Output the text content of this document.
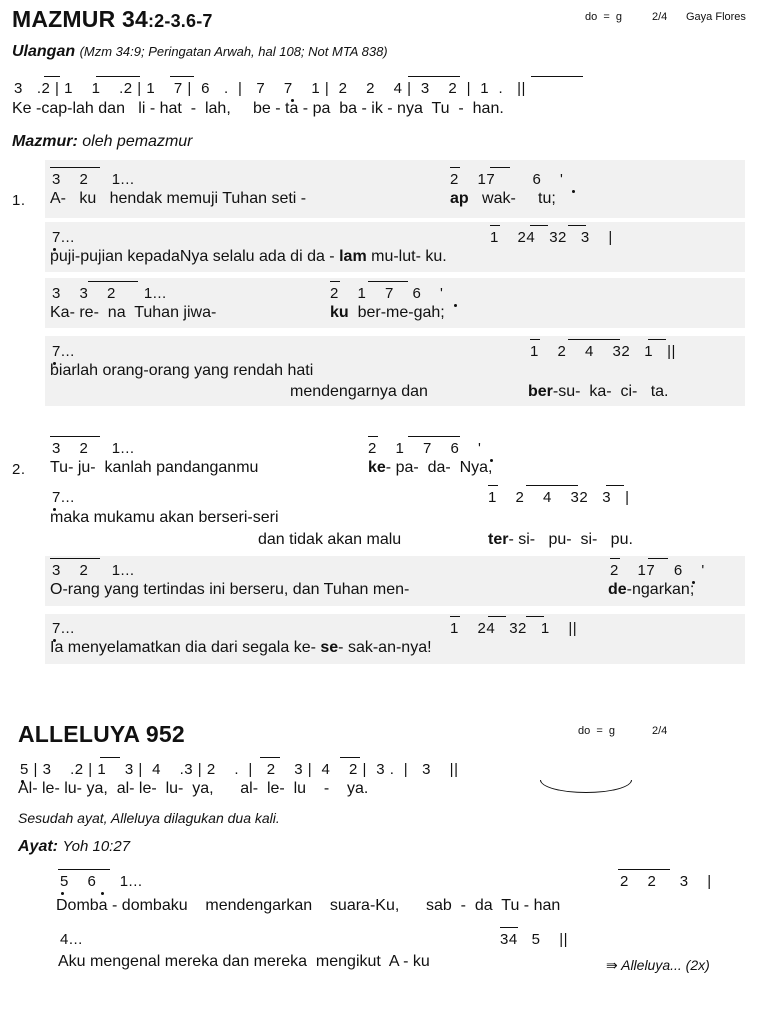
MAZMUR 34:2-3.6-7	do  =  g	2/4 Gaya Flores
Ulangan (Mzm 34:9; Peringatan Arwah, hal 108; Not MTA 838)
3   .2 | 1    1    .2 | 1    7 |  6   .  |   7    7    1 |  2    2    4 |  3    2  |  1  .   ||
Ke -cap-lah dan   li - hat  -  lah,     be - ta - pa  ba - ik - nya  Tu  -  han.
Mazmur: oleh pemazmur
3    2     1...	2    17        6    '
1. A-   ku   hendak memuji Tuhan seti -	ap wak-     tu;
7...	1    24   32   3    |
puji-pujian kepadaNya selalu ada di da - lam mu-lut- ku.
3    3    2      1...	2    1    7    6    '
Ka- re-  na  Tuhan jiwa-	ku ber-me-gah;
7...	1    2    4    32   1   ||
biarlah orang-orang yang rendah hati
mendengarnya dan	ber-su-  ka-  ci-   ta.
3    2     1...	2    1    7    6    '
2. Tu- ju-  kanlah pandanganmu	ke- pa-  da-  Nya,
7...	1    2    4    32   3   |
maka mukamu akan berseri-seri
dan tidak akan malu	ter- si-   pu-  si-   pu.
3    2     1...	2    17    6    '
O-rang yang tertindas ini berseru, dan Tuhan men-	de-ngarkan;
7...	1    24   32   1    ||
Ia menyelamatkan dia dari segala ke- se- sak-an-nya!
ALLELUYA 952	do  =  g	2/4
5 | 3    .2 | 1    3 |  4    .3 | 2    .  |   2    3 |  4    2 |  3 .  |   3    ||
Al- le- lu- ya,  al- le-  lu-  ya,      al-  le-  lu    -    ya.
Sesudah ayat, Alleluya dilagukan dua kali.
Ayat: Yoh 10:27
5    6     1...	2    2     3    |
Domba - dombaku    mendengarkan    suara-Ku,      sab  -  da  Tu - han
4...	34   5    ||
Aku mengenal mereka dan mereka  mengikut  A - ku	⇛ Alleluya... (2x)
